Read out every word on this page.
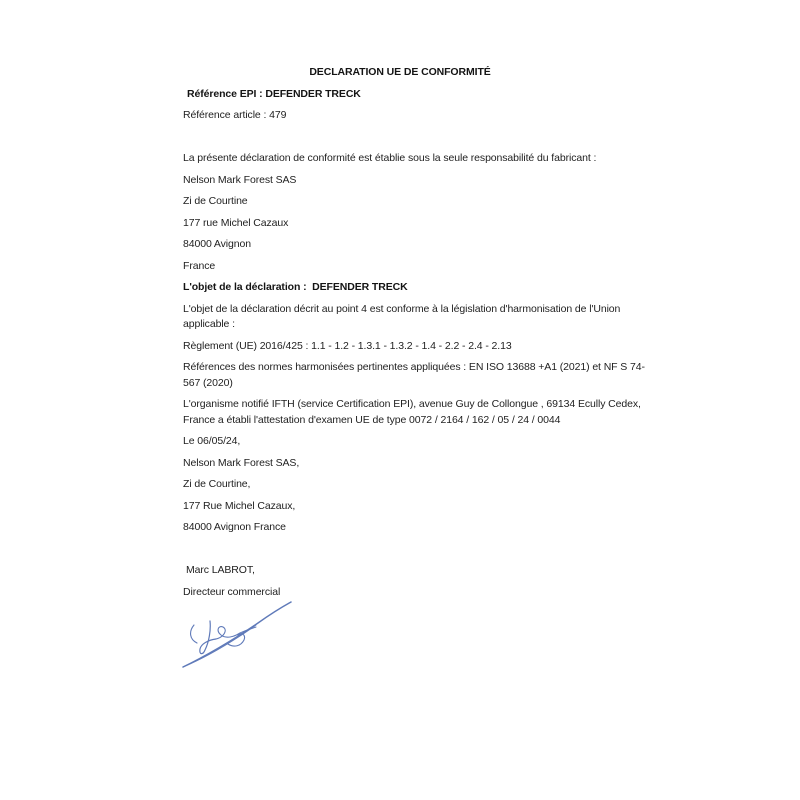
DECLARATION UE DE CONFORMITÉ
Référence EPI : DEFENDER TRECK
Référence article : 479
La présente déclaration de conformité est établie sous la seule responsabilité du fabricant :
Nelson Mark Forest SAS
Zi de Courtine
177 rue Michel Cazaux
84000 Avignon
France
L'objet de la déclaration :  DEFENDER TRECK
L'objet de la déclaration décrit au point 4 est conforme à la législation d'harmonisation de l'Union
applicable :
Règlement (UE) 2016/425 : 1.1 - 1.2 - 1.3.1 - 1.3.2 - 1.4 - 2.2 - 2.4 - 2.13
Références des normes harmonisées pertinentes appliquées : EN ISO 13688 +A1 (2021) et NF S 74-
567 (2020)
L'organisme notifié IFTH (service Certification EPI), avenue Guy de Collongue , 69134 Ecully Cedex,
France a établi l'attestation d'examen UE de type 0072 / 2164 / 162 / 05 / 24 / 0044
Le 06/05/24,
Nelson Mark Forest SAS,
Zi de Courtine,
177 Rue Michel Cazaux,
84000 Avignon France
Marc LABROT,
Directeur commercial
